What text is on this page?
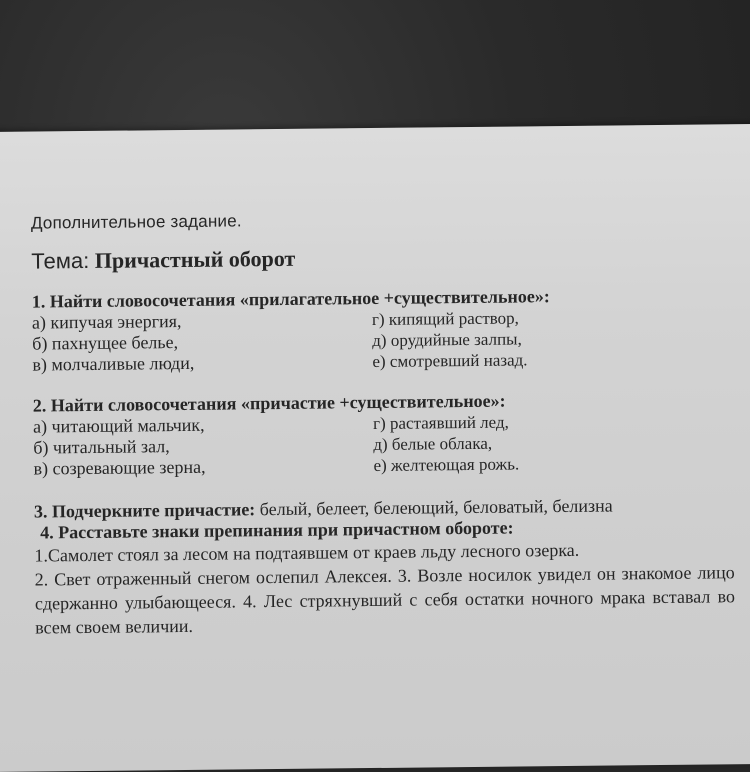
Дополнительное задание.

Тема: Причастный оборот
1. Найти словосочетания «прилагательное +существительное»:
а) кипучая энергия,
б) пахнущее белье,
в) молчаливые люди,
г) кипящий раствор,
д) орудийные залпы,
е) смотревший назад.
2. Найти словосочетания «причастие +существительное»:
а) читающий мальчик,
б) читальный зал,
в) созревающие зерна,
г) растаявший лед,
д) белые облака,
е) желтеющая рожь.
3. Подчеркните причастие: белый, белеет, белеющий, беловатый, белизна
4. Расставьте знаки препинания при причастном обороте:

1.Самолет стоял за лесом на подтаявшем от краев льду лесного озерка.

2. Свет отраженный снегом ослепил Алексея. 3. Возле носилок увидел он знакомое лицо сдержанно улыбающееся. 4. Лес стряхнувший с себя остатки ночного мрака вставал во всем своем величии.
